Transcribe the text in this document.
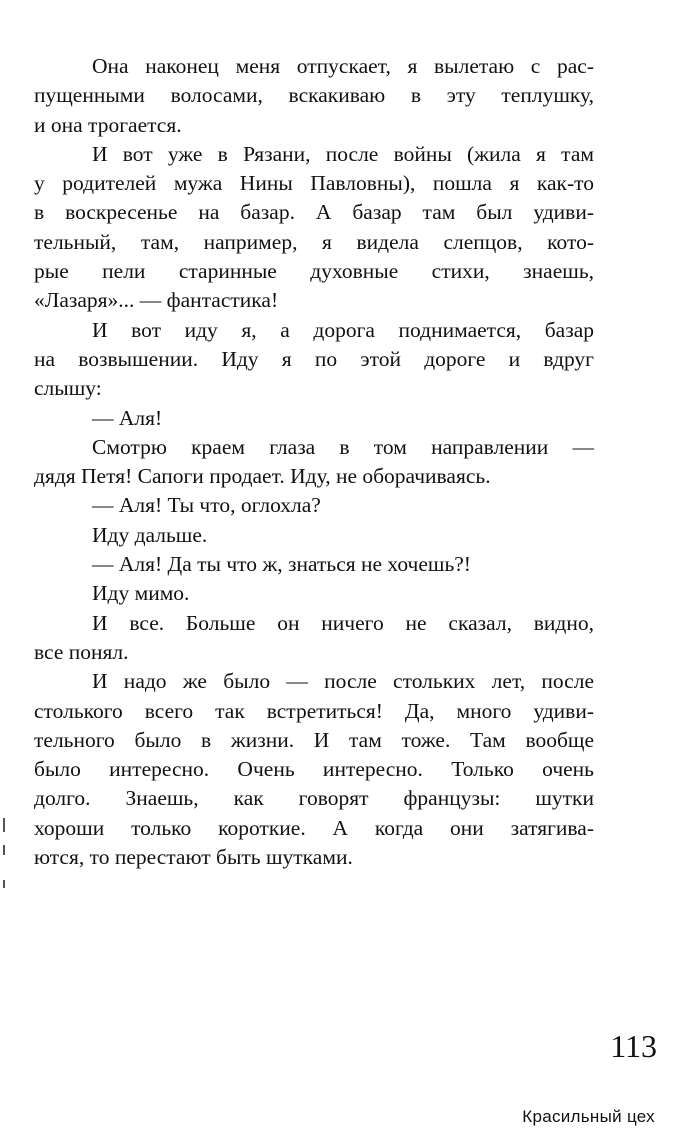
Она наконец меня отпускает, я вылетаю с рас-
пущенными волосами, вскакиваю в эту теплушку,
и она трогается.
И вот уже в Рязани, после войны (жила я там
у родителей мужа Нины Павловны), пошла я как-то
в воскресенье на базар. А базар там был удиви-
тельный, там, например, я видела слепцов, кото-
рые пели старинные духовные стихи, знаешь,
«Лазаря»... — фантастика!
И вот иду я, а дорога поднимается, базар
на возвышении. Иду я по этой дороге и вдруг
слышу:
— Аля!
Смотрю краем глаза в том направлении —
дядя Петя! Сапоги продает. Иду, не оборачиваясь.
— Аля! Ты что, оглохла?
Иду дальше.
— Аля! Да ты что ж, знаться не хочешь?!
Иду мимо.
И все. Больше он ничего не сказал, видно,
все понял.
И надо же было — после стольких лет, после
столького всего так встретиться! Да, много удиви-
тельного было в жизни. И там тоже. Там вообще
было интересно. Очень интересно. Только очень
долго. Знаешь, как говорят французы: шутки
хороши только короткие. А когда они затягива-
ются, то перестают быть шутками.
113
Красильный цех
